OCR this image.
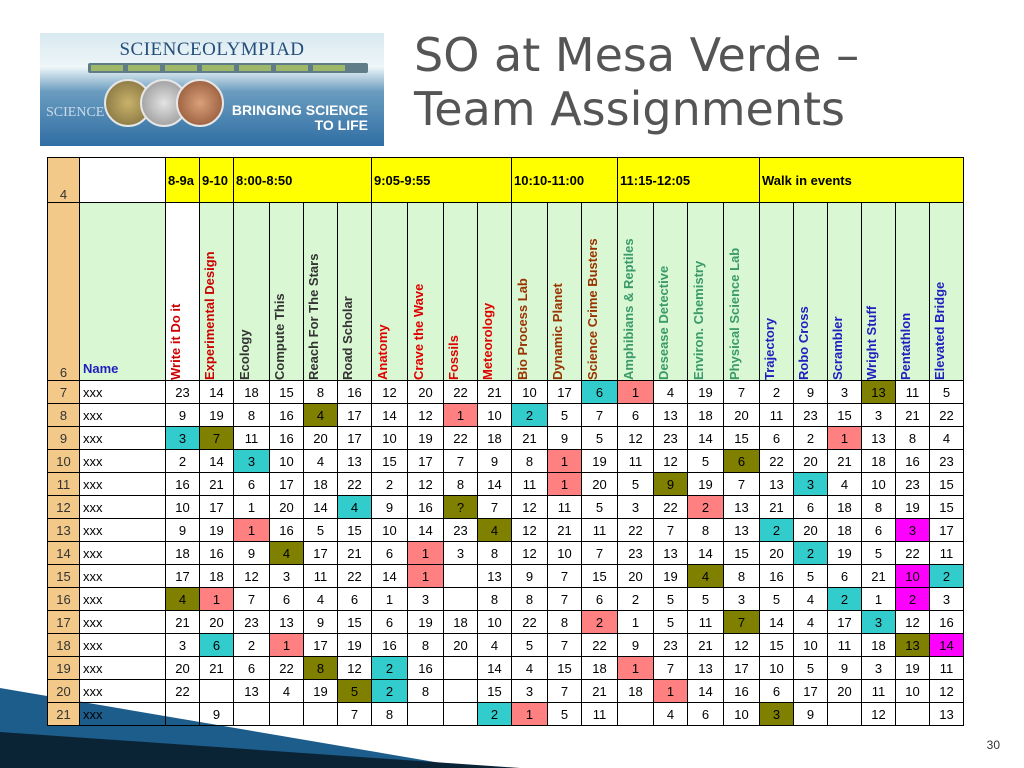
SCIENCEOLYMPIAD
SCIENCE	BRINGING SCIENCE
TO LIFE
SO at Mesa Verde –
Team Assignments
4		8-9a	9-10	8:00-8:50				9:05-9:55				10:10-11:00			11:15-12:05				Walk in events					
6	Name	Write it Do it	Experimental Design	Ecology	Compute This	Reach For The Stars	Road Scholar	Anatomy	Crave the Wave	Fossils	Meteorology	Bio Process Lab	Dynamic Planet	Science Crime Busters	Amphibians & Reptiles	Desease Detective	Environ. Chemistry	Physical Science Lab	Trajectory	Robo Cross	Scrambler	Wright Stuff	Pentathlon	Elevated Bridge

7	xxx	23	14	18	15	8	16	12	20	22	21	10	17	6	1	4	19	7	2	9	3	13	11	5
8	xxx	9	19	8	16	4	17	14	12	1	10	2	5	7	6	13	18	20	11	23	15	3	21	22
9	xxx	3	7	11	16	20	17	10	19	22	18	21	9	5	12	23	14	15	6	2	1	13	8	4
10	xxx	2	14	3	10	4	13	15	17	7	9	8	1	19	11	12	5	6	22	20	21	18	16	23
11	xxx	16	21	6	17	18	22	2	12	8	14	11	1	20	5	9	19	7	13	3	4	10	23	15
12	xxx	10	17	1	20	14	4	9	16	?	7	12	11	5	3	22	2	13	21	6	18	8	19	15
13	xxx	9	19	1	16	5	15	10	14	23	4	12	21	11	22	7	8	13	2	20	18	6	3	17
14	xxx	18	16	9	4	17	21	6	1	3	8	12	10	7	23	13	14	15	20	2	19	5	22	11
15	xxx	17	18	12	3	11	22	14	1		13	9	7	15	20	19	4	8	16	5	6	21	10	2
16	xxx	4	1	7	6	4	6	1	3		8	8	7	6	2	5	5	3	5	4	2	1	2	3
17	xxx	21	20	23	13	9	15	6	19	18	10	22	8	2	1	5	11	7	14	4	17	3	12	16
18	xxx	3	6	2	1	17	19	16	8	20	4	5	7	22	9	23	21	12	15	10	11	18	13	14
19	xxx	20	21	6	22	8	12	2	16		14	4	15	18	1	7	13	17	10	5	9	3	19	11
20	xxx	22		13	4	19	5	2	8		15	3	7	21	18	1	14	16	6	17	20	11	10	12
21	xxx		9				7	8			2	1	5	11		4	6	10	3	9		12		13
30
